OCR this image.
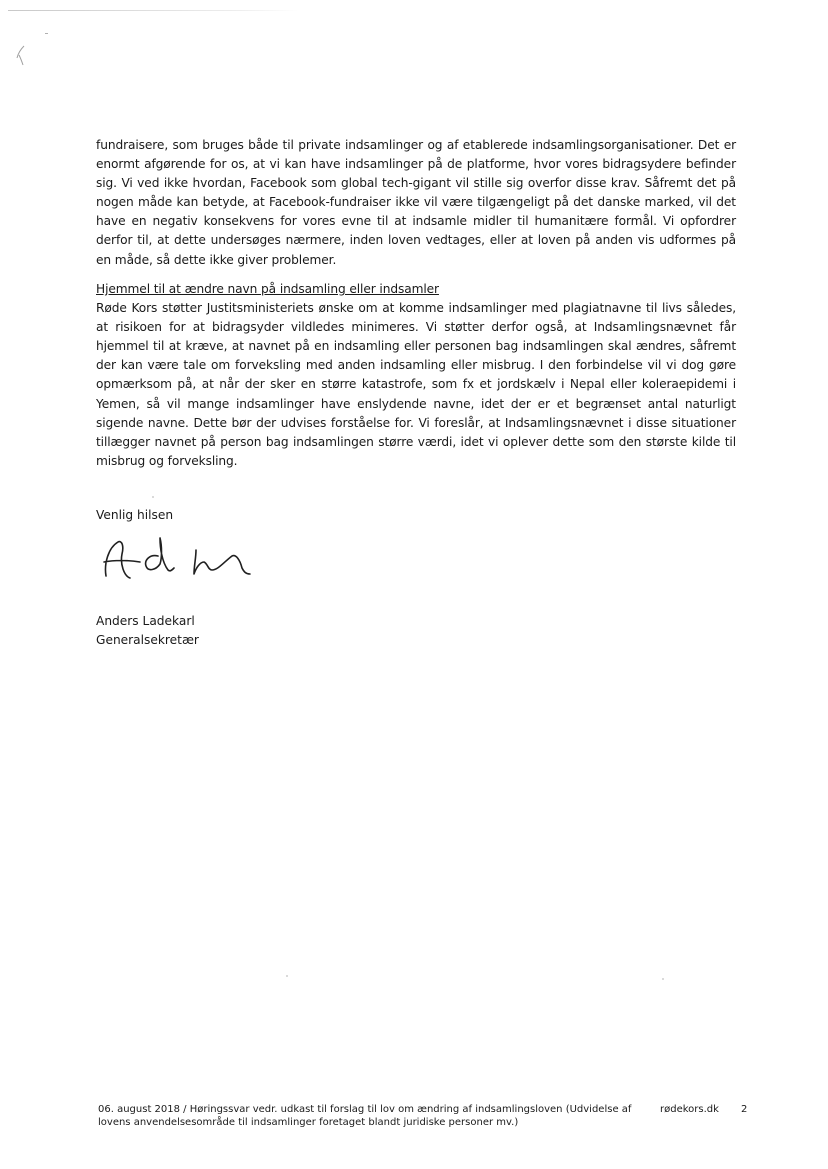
fundraisere, som bruges både til private indsamlinger og af etablerede indsamlingsorganisationer. Det er enormt afgørende for os, at vi kan have indsamlinger på de platforme, hvor vores bidragsydere befinder sig. Vi ved ikke hvordan, Facebook som global tech-gigant vil stille sig overfor disse krav. Såfremt det på nogen måde kan betyde, at Facebook-fundraiser ikke vil være tilgængeligt på det danske marked, vil det have en negativ konsekvens for vores evne til at indsamle midler til humanitære formål. Vi opfordrer derfor til, at dette undersøges nærmere, inden loven vedtages, eller at loven på anden vis udformes på en måde, så dette ikke giver problemer.

Hjemmel til at ændre navn på indsamling eller indsamler

Røde Kors støtter Justitsministeriets ønske om at komme indsamlinger med plagiatnavne til livs således, at risikoen for at bidragsyder vildledes minimeres. Vi støtter derfor også, at Indsamlingsnævnet får hjemmel til at kræve, at navnet på en indsamling eller personen bag indsamlingen skal ændres, såfremt der kan være tale om forveksling med anden indsamling eller misbrug. I den forbindelse vil vi dog gøre opmærksom på, at når der sker en større katastrofe, som fx et jordskælv i Nepal eller koleraepidemi i Yemen, så vil mange indsamlinger have enslydende navne, idet der er et begrænset antal naturligt sigende navne. Dette bør der udvises forståelse for. Vi foreslår, at Indsamlingsnævnet i disse situationer tillægger navnet på person bag indsamlingen større værdi, idet vi oplever dette som den største kilde til misbrug og forveksling.

Venlig hilsen
Anders Ladekarl
Generalsekretær
06. august 2018 / Høringssvar vedr. udkast til forslag til lov om ændring af indsamlingsloven (Udvidelse af lovens anvendelsesområde til indsamlinger foretaget blandt juridiske personer mv.)
rødekors.dk 2
